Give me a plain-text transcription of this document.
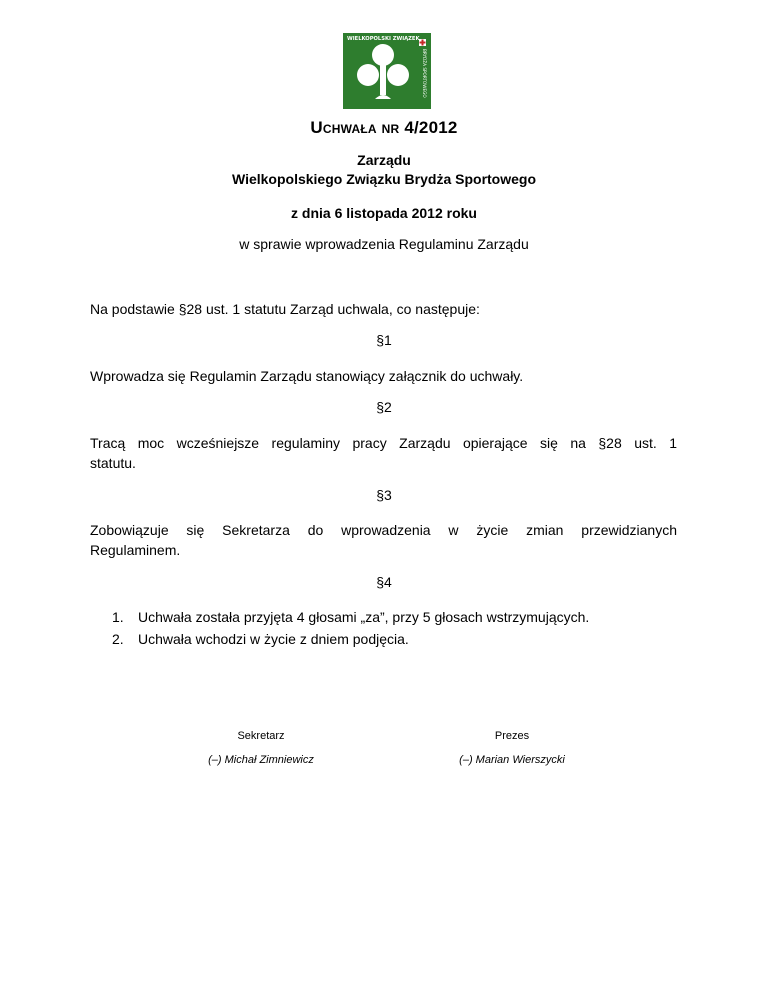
WIELKOPOLSKI ZWIĄZEK
BRYDŻA SPORTOWEGO
Uchwała nr 4/2012
Zarządu
Wielkopolskiego Związku Brydża Sportowego
z dnia 6 listopada 2012 roku
w sprawie wprowadzenia Regulaminu Zarządu
Na podstawie §28 ust. 1 statutu Zarząd uchwala, co następuje:
§1
Wprowadza się Regulamin Zarządu stanowiący załącznik do uchwały.
§2
Tracą moc wcześniejsze regulaminy pracy Zarządu opierające się na §28 ust. 1
statutu.
§3
Zobowiązuje się Sekretarza do wprowadzenia w życie zmian przewidzianych
Regulaminem.
§4
1. Uchwała została przyjęta 4 głosami „za”, przy 5 głosach wstrzymujących.
2. Uchwała wchodzi w życie z dniem podjęcia.
Sekretarz
(–) Michał Zimniewicz
Prezes
(–) Marian Wierszycki
